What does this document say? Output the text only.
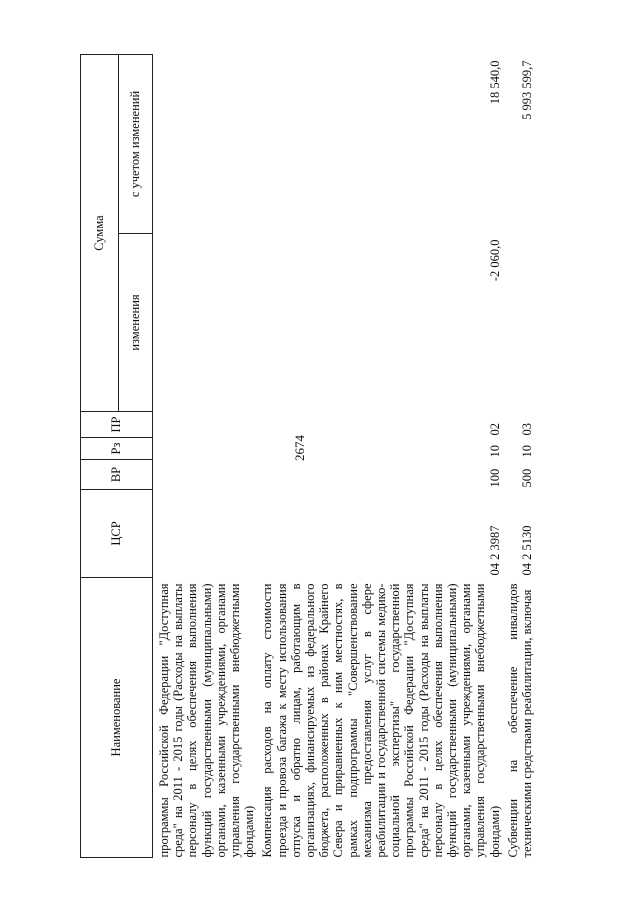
2674
Наименование	ЦСР	ВР	Рз	ПР	Сумма	
					изменения	с учетом изменений
программы Российской Федерации "Доступная среда" на 2011 - 2015 годы (Расходы на выплаты персоналу в целях обеспечения выполнения функций государственными (муниципальными) органами, казенными учреждениями, органами управления государственными внебюджетными фондами)						
Компенсация расходов на оплату стоимости проезда и провоза багажа к месту использования отпуска и обратно лицам, работающим в организациях, финансируемых из федерального бюджета, расположенных в районах Крайнего Севера и приравненных к ним местностях, в рамках подпрограммы "Совершенствование механизма предоставления услуг в сфере реабилитации и государственной системы медико-социальной экспертизы" государственной программы Российской Федерации "Доступная среда" на 2011 - 2015 годы (Расходы на выплаты персоналу в целях обеспечения выполнения функций государственными (муниципальными) органами, казенными учреждениями, органами управления государственными внебюджетными фондами)	04 2 3987	100	10	02	-2 060,0	18 540,0
Субвенции на обеспечение инвалидов техническими средствами реабилитации, включая	04 2 5130	500	10	03		5 993 599,7
